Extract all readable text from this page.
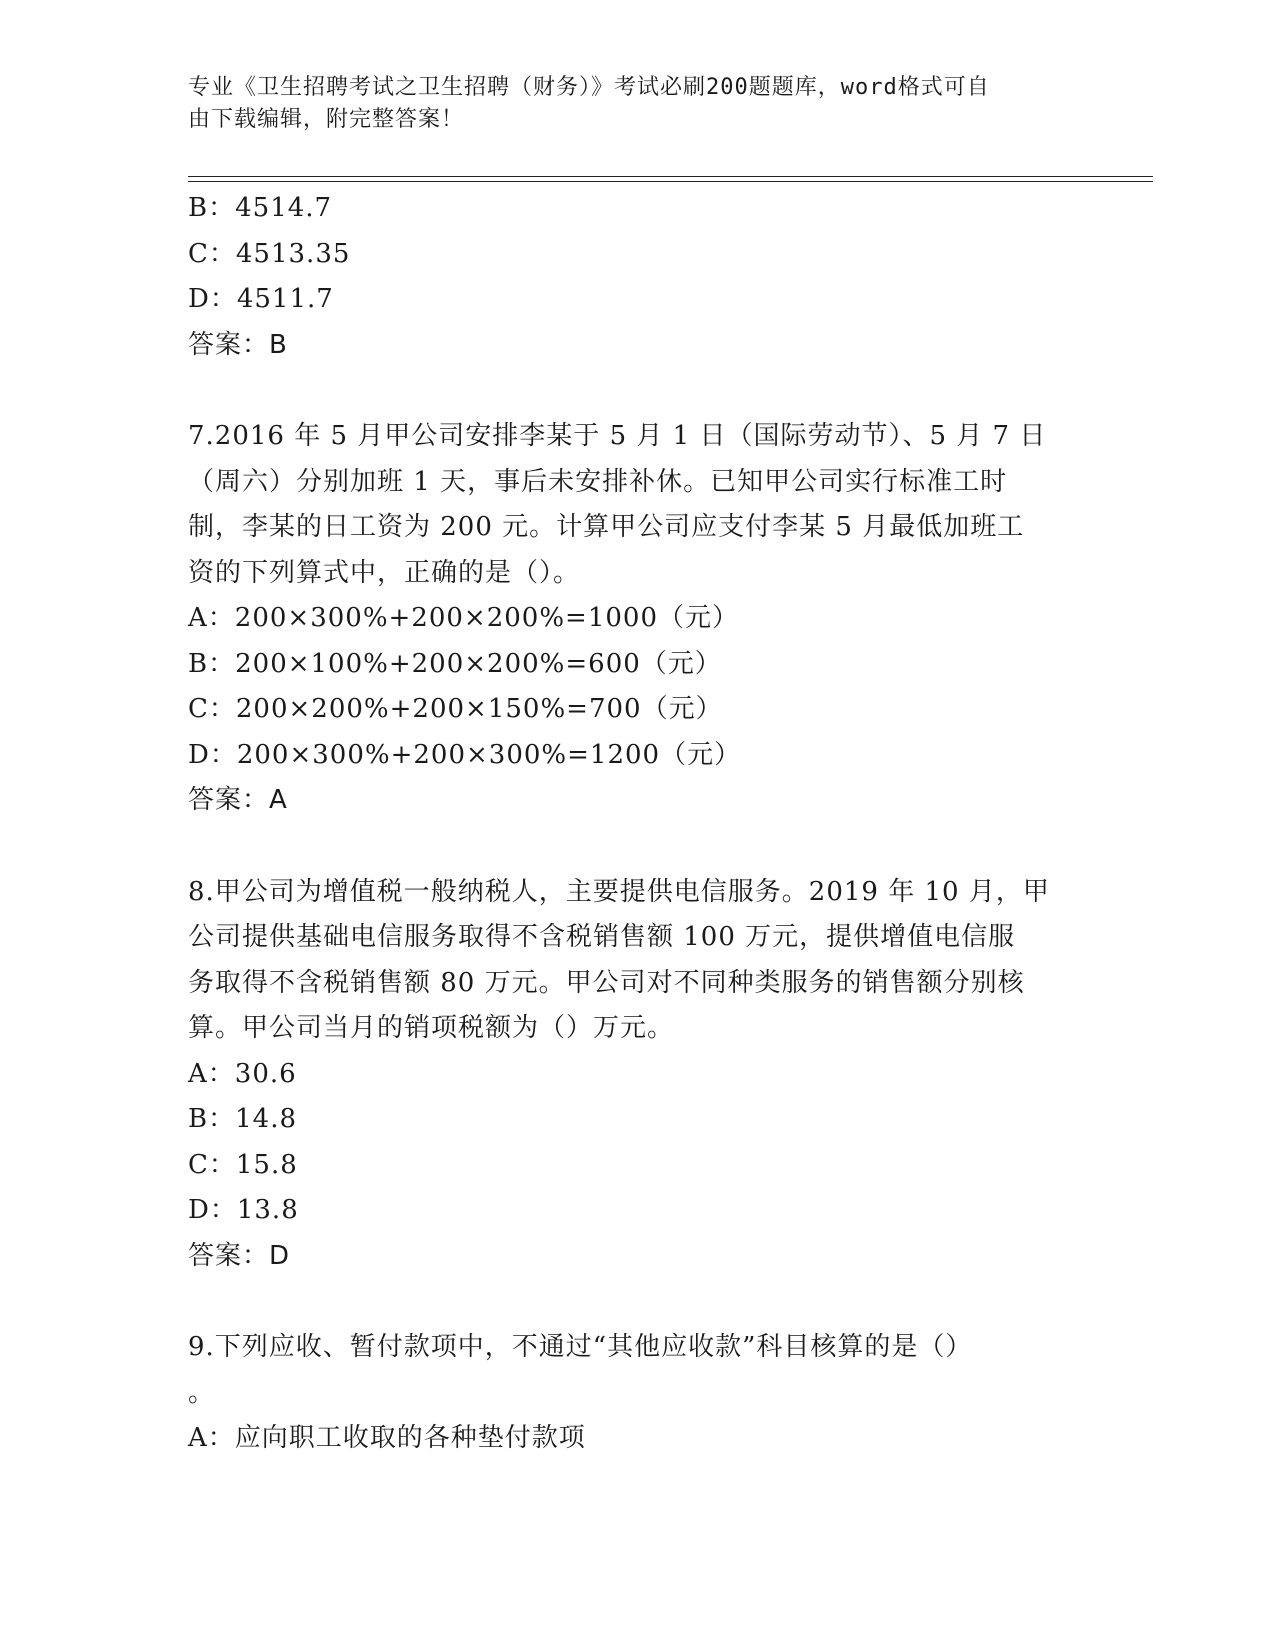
专业《卫生招聘考试之卫生招聘（财务）》考试必刷200题题库，word格式可自
由下载编辑，附完整答案！
B：4514.7
C：4513.35
D：4511.7
答案：B
7.2016 年 5 月甲公司安排李某于 5 月 1 日（国际劳动节）、5 月 7 日
（周六）分别加班 1 天，事后未安排补休。已知甲公司实行标准工时
制，李某的日工资为 200 元。计算甲公司应支付李某 5 月最低加班工
资的下列算式中，正确的是（）。
A：200×300%+200×200%=1000（元）
B：200×100%+200×200%=600（元）
C：200×200%+200×150%=700（元）
D：200×300%+200×300%=1200（元）
答案：A
8.甲公司为增值税一般纳税人，主要提供电信服务。2019 年 10 月，甲
公司提供基础电信服务取得不含税销售额 100 万元，提供增值电信服
务取得不含税销售额 80 万元。甲公司对不同种类服务的销售额分别核
算。甲公司当月的销项税额为（）万元。
A：30.6
B：14.8
C：15.8
D：13.8
答案：D
9.下列应收、暂付款项中，不通过“其他应收款”科目核算的是（）
。
A：应向职工收取的各种垫付款项
